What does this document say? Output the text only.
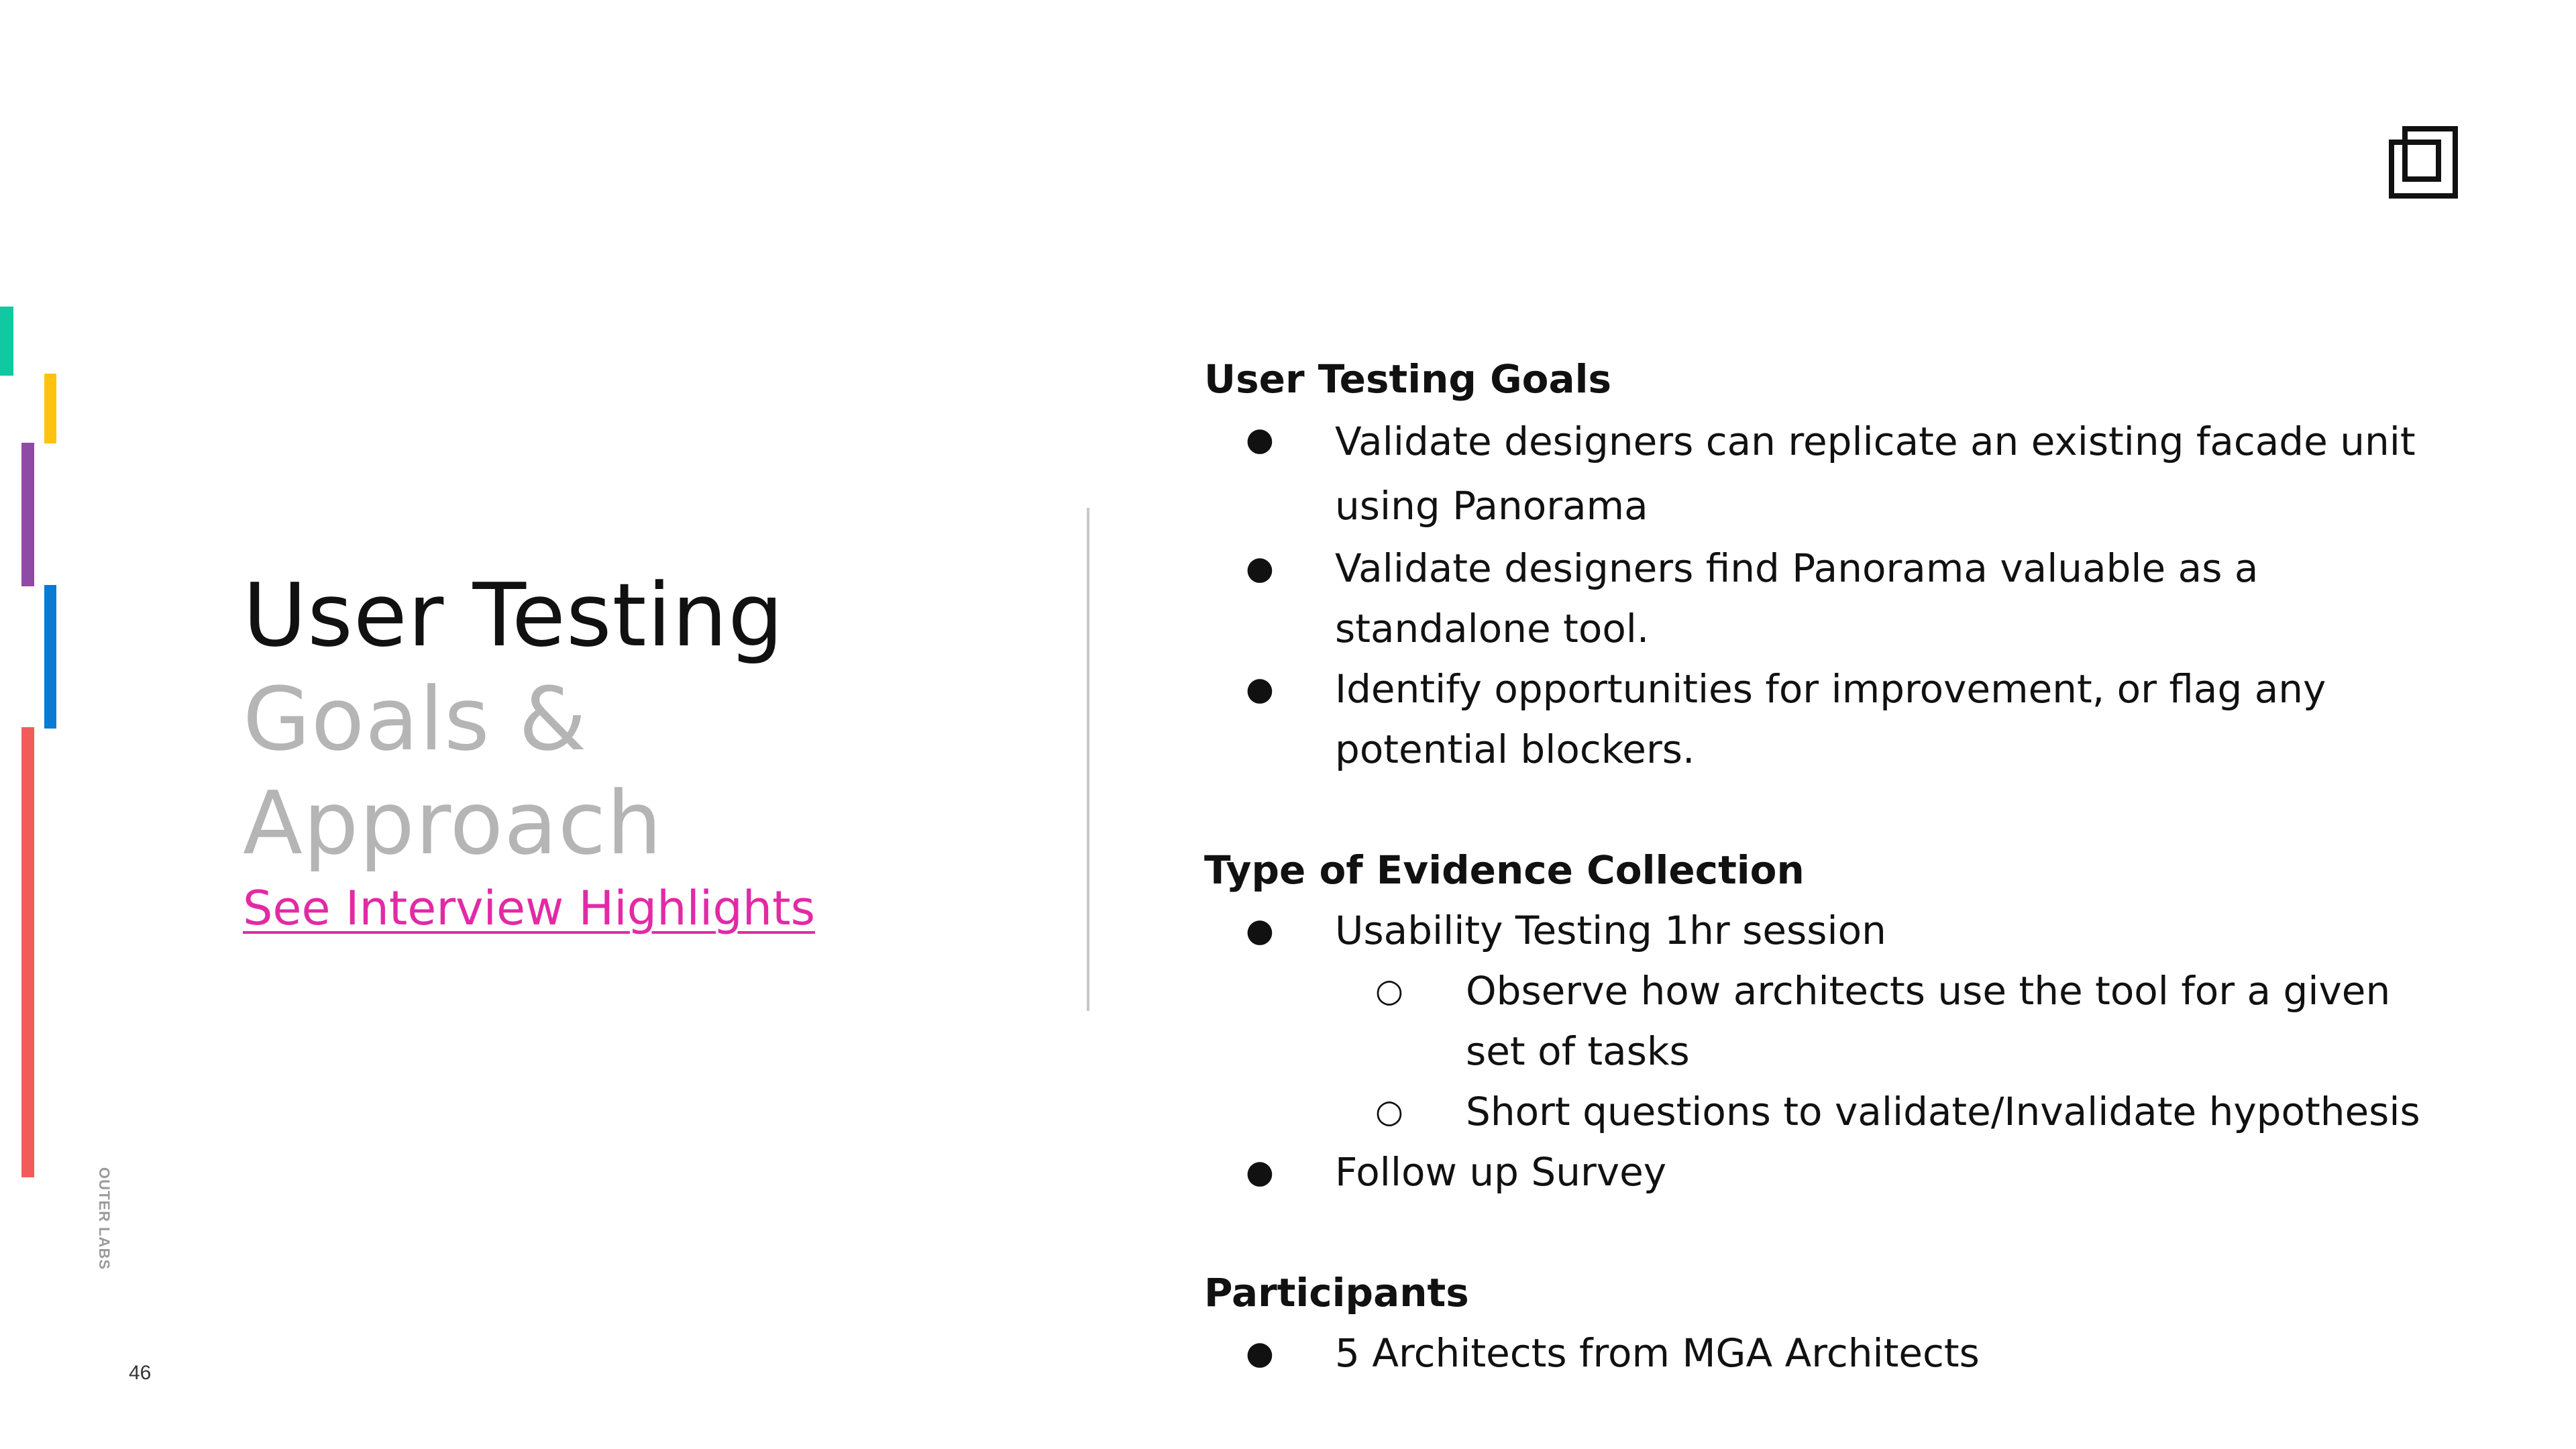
User Testing
Goals &
Approach
See Interview Highlights
OUTER LABS
46
User Testing Goals
● Validate designers can replicate an existing facade unit using Panorama
● Validate designers find Panorama valuable as a standalone tool.
● Identify opportunities for improvement, or flag any potential blockers.
Type of Evidence Collection
● Usability Testing 1hr session
○ Observe how architects use the tool for a given set of tasks
○ Short questions to validate/Invalidate hypothesis
● Follow up Survey
Participants
● 5 Architects from MGA Architects
